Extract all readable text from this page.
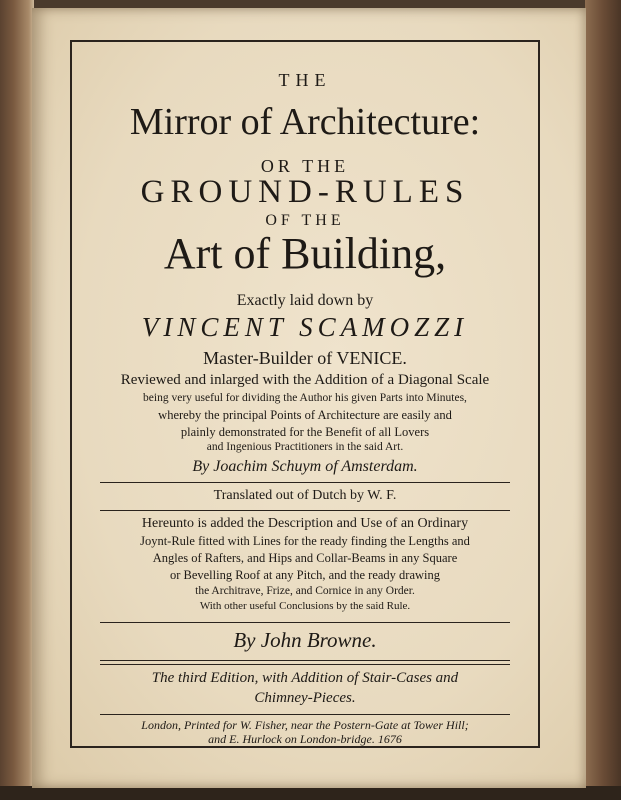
THE
Mirror of Architecture:
OR THE
GROUND-RULES
OF THE
Art of Building,
Exactly laid down by
VINCENT SCAMOZZI
Master-Builder of VENICE.
Reviewed and inlarged with the Addition of a Diagonal Scale
being very useful for dividing the Author his given Parts into Minutes,
whereby the principal Points of Architecture are easily and
plainly demonstrated for the Benefit of all Lovers
and Ingenious Practitioners in the said Art.
By Joachim Schuym of Amsterdam.
Translated out of Dutch by W. F.
Hereunto is added the Description and Use of an Ordinary
Joynt-Rule fitted with Lines for the ready finding the Lengths and
Angles of Rafters, and Hips and Collar-Beams in any Square
or Bevelling Roof at any Pitch, and the ready drawing
the Architrave, Frize, and Cornice in any Order.
With other useful Conclusions by the said Rule.
By John Browne.
The third Edition, with Addition of Stair-Cases and
Chimney-Pieces.
London, Printed for W. Fisher, near the Postern-Gate at Tower Hill;
and E. Hurlock on London-bridge. 1676
